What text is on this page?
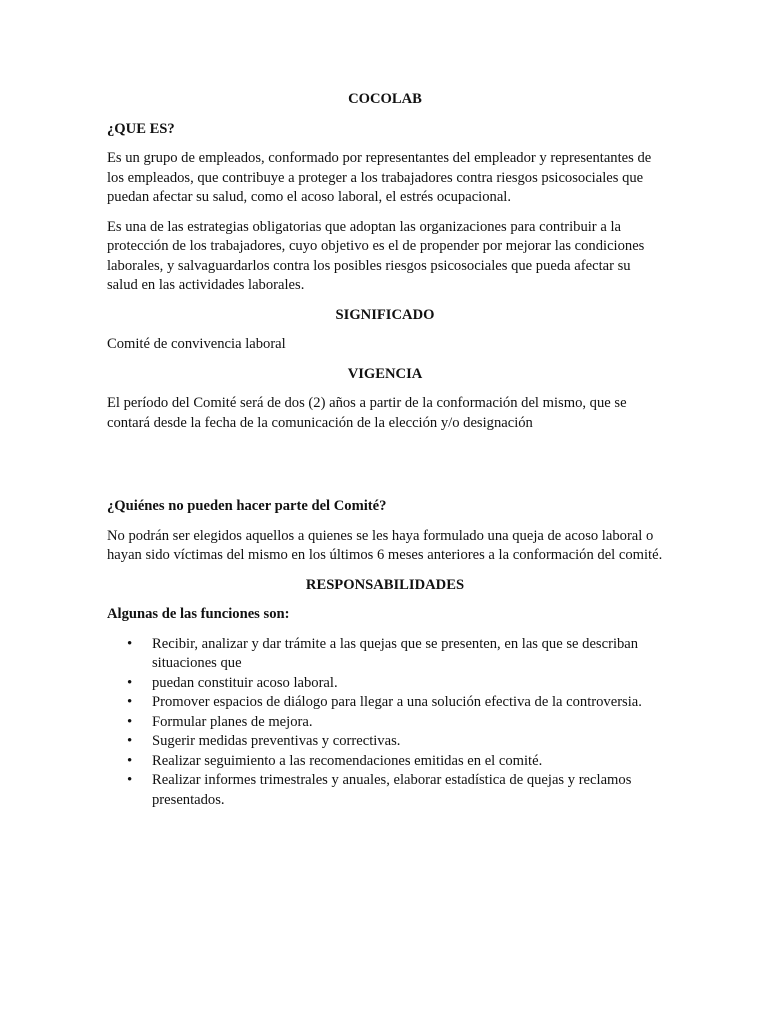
COCOLAB

¿QUE ES?

Es un grupo de empleados, conformado por representantes del empleador y representantes de los empleados, que contribuye a proteger a los trabajadores contra riesgos psicosociales que puedan afectar su salud, como el acoso laboral, el estrés ocupacional.

Es una de las estrategias obligatorias que adoptan las organizaciones para contribuir a la protección de los trabajadores, cuyo objetivo es el de propender por mejorar las condiciones laborales, y salvaguardarlos contra los posibles riesgos psicosociales que pueda afectar su salud en las actividades laborales.

SIGNIFICADO

Comité de convivencia laboral

VIGENCIA

El período del Comité será de dos (2) años a partir de la conformación del mismo, que se contará desde la fecha de la comunicación de la elección y/o designación

¿Quiénes no pueden hacer parte del Comité?

No podrán ser elegidos aquellos a quienes se les haya formulado una queja de acoso laboral o hayan sido víctimas del mismo en los últimos 6 meses anteriores a la conformación del comité.

RESPONSABILIDADES

Algunas de las funciones son:

• Recibir, analizar y dar trámite a las quejas que se presenten, en las que se describan situaciones que
• puedan constituir acoso laboral.
• Promover espacios de diálogo para llegar a una solución efectiva de la controversia.
• Formular planes de mejora.
• Sugerir medidas preventivas y correctivas.
• Realizar seguimiento a las recomendaciones emitidas en el comité.
• Realizar informes trimestrales y anuales, elaborar estadística de quejas y reclamos presentados.
